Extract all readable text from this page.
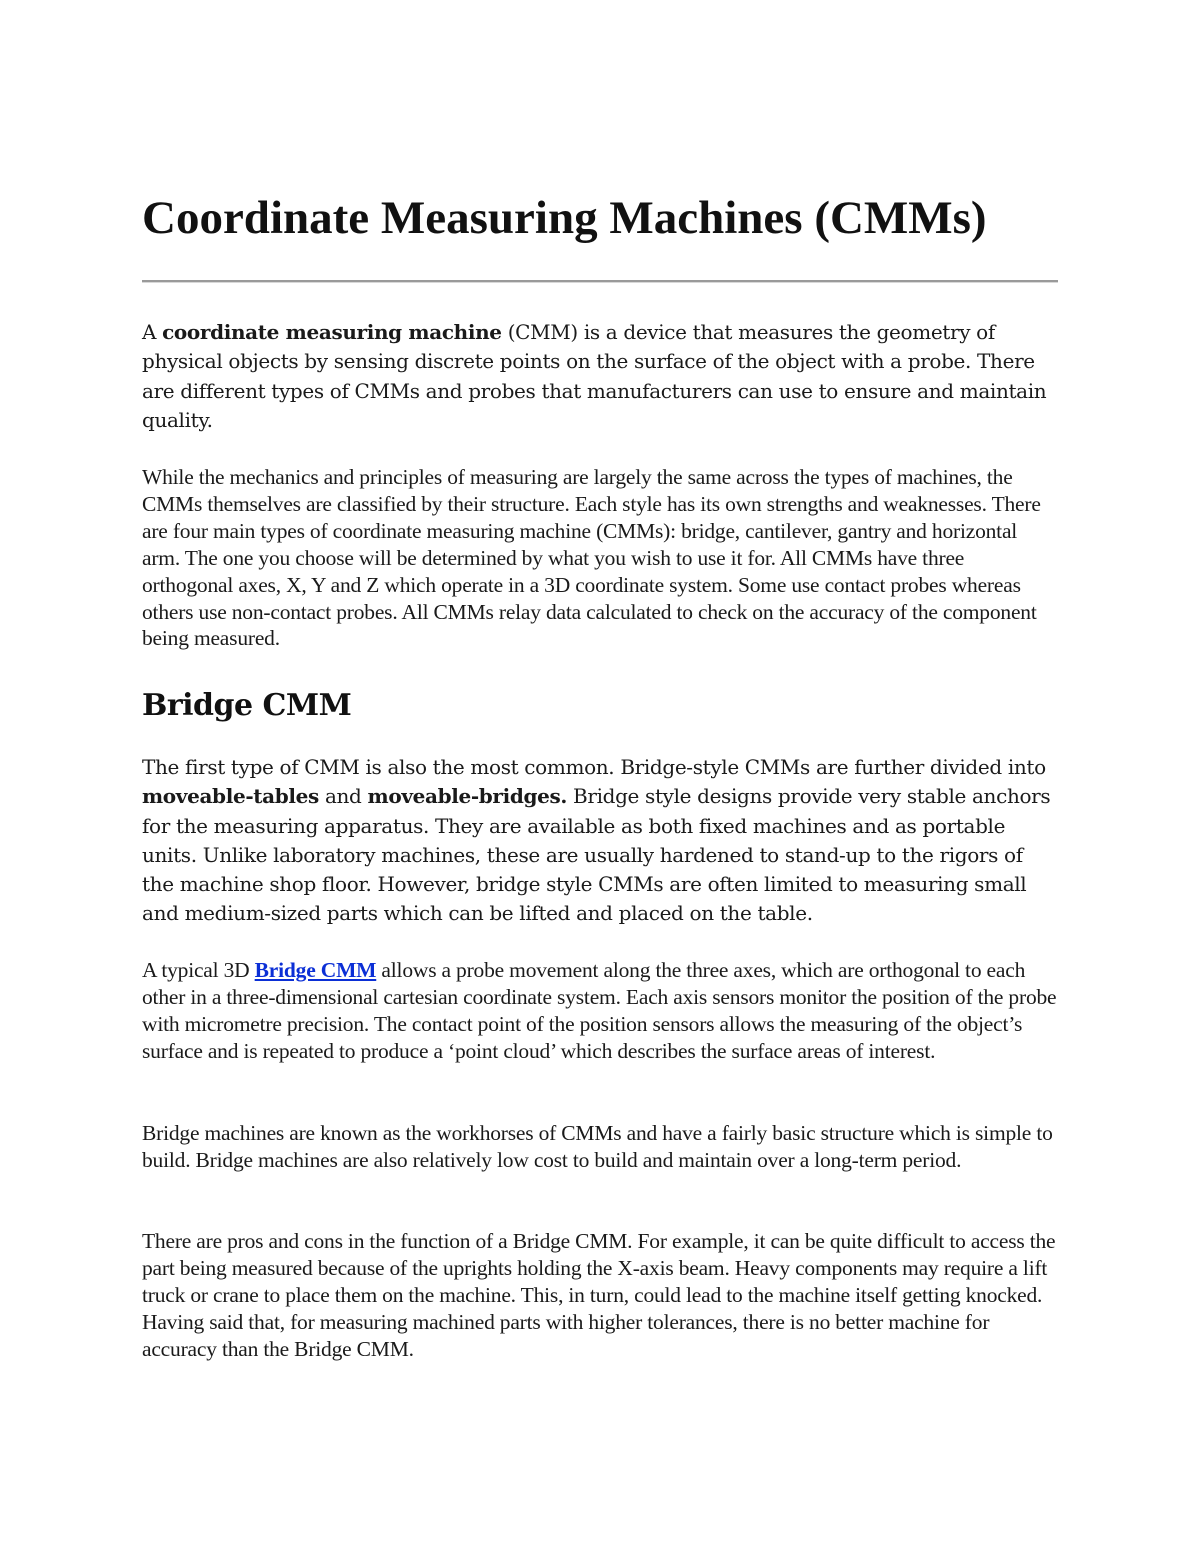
Coordinate Measuring Machines (CMMs)

A coordinate measuring machine (CMM) is a device that measures the geometry of physical objects by sensing discrete points on the surface of the object with a probe. There are different types of CMMs and probes that manufacturers can use to ensure and maintain quality.

While the mechanics and principles of measuring are largely the same across the types of machines, the CMMs themselves are classified by their structure. Each style has its own strengths and weaknesses. There are four main types of coordinate measuring machine (CMMs): bridge, cantilever, gantry and horizontal arm. The one you choose will be determined by what you wish to use it for. All CMMs have three orthogonal axes, X, Y and Z which operate in a 3D coordinate system. Some use contact probes whereas others use non-contact probes. All CMMs relay data calculated to check on the accuracy of the component being measured.

Bridge CMM

The first type of CMM is also the most common. Bridge-style CMMs are further divided into moveable-tables and moveable-bridges. Bridge style designs provide very stable anchors for the measuring apparatus. They are available as both fixed machines and as portable units. Unlike laboratory machines, these are usually hardened to stand-up to the rigors of the machine shop floor. However, bridge style CMMs are often limited to measuring small and medium-sized parts which can be lifted and placed on the table.

A typical 3D Bridge CMM allows a probe movement along the three axes, which are orthogonal to each other in a three-dimensional cartesian coordinate system. Each axis sensors monitor the position of the probe with micrometre precision. The contact point of the position sensors allows the measuring of the object’s surface and is repeated to produce a ‘point cloud’ which describes the surface areas of interest.

Bridge machines are known as the workhorses of CMMs and have a fairly basic structure which is simple to build. Bridge machines are also relatively low cost to build and maintain over a long-term period.

There are pros and cons in the function of a Bridge CMM. For example, it can be quite difficult to access the part being measured because of the uprights holding the X-axis beam. Heavy components may require a lift truck or crane to place them on the machine. This, in turn, could lead to the machine itself getting knocked. Having said that, for measuring machined parts with higher tolerances, there is no better machine for accuracy than the Bridge CMM.
